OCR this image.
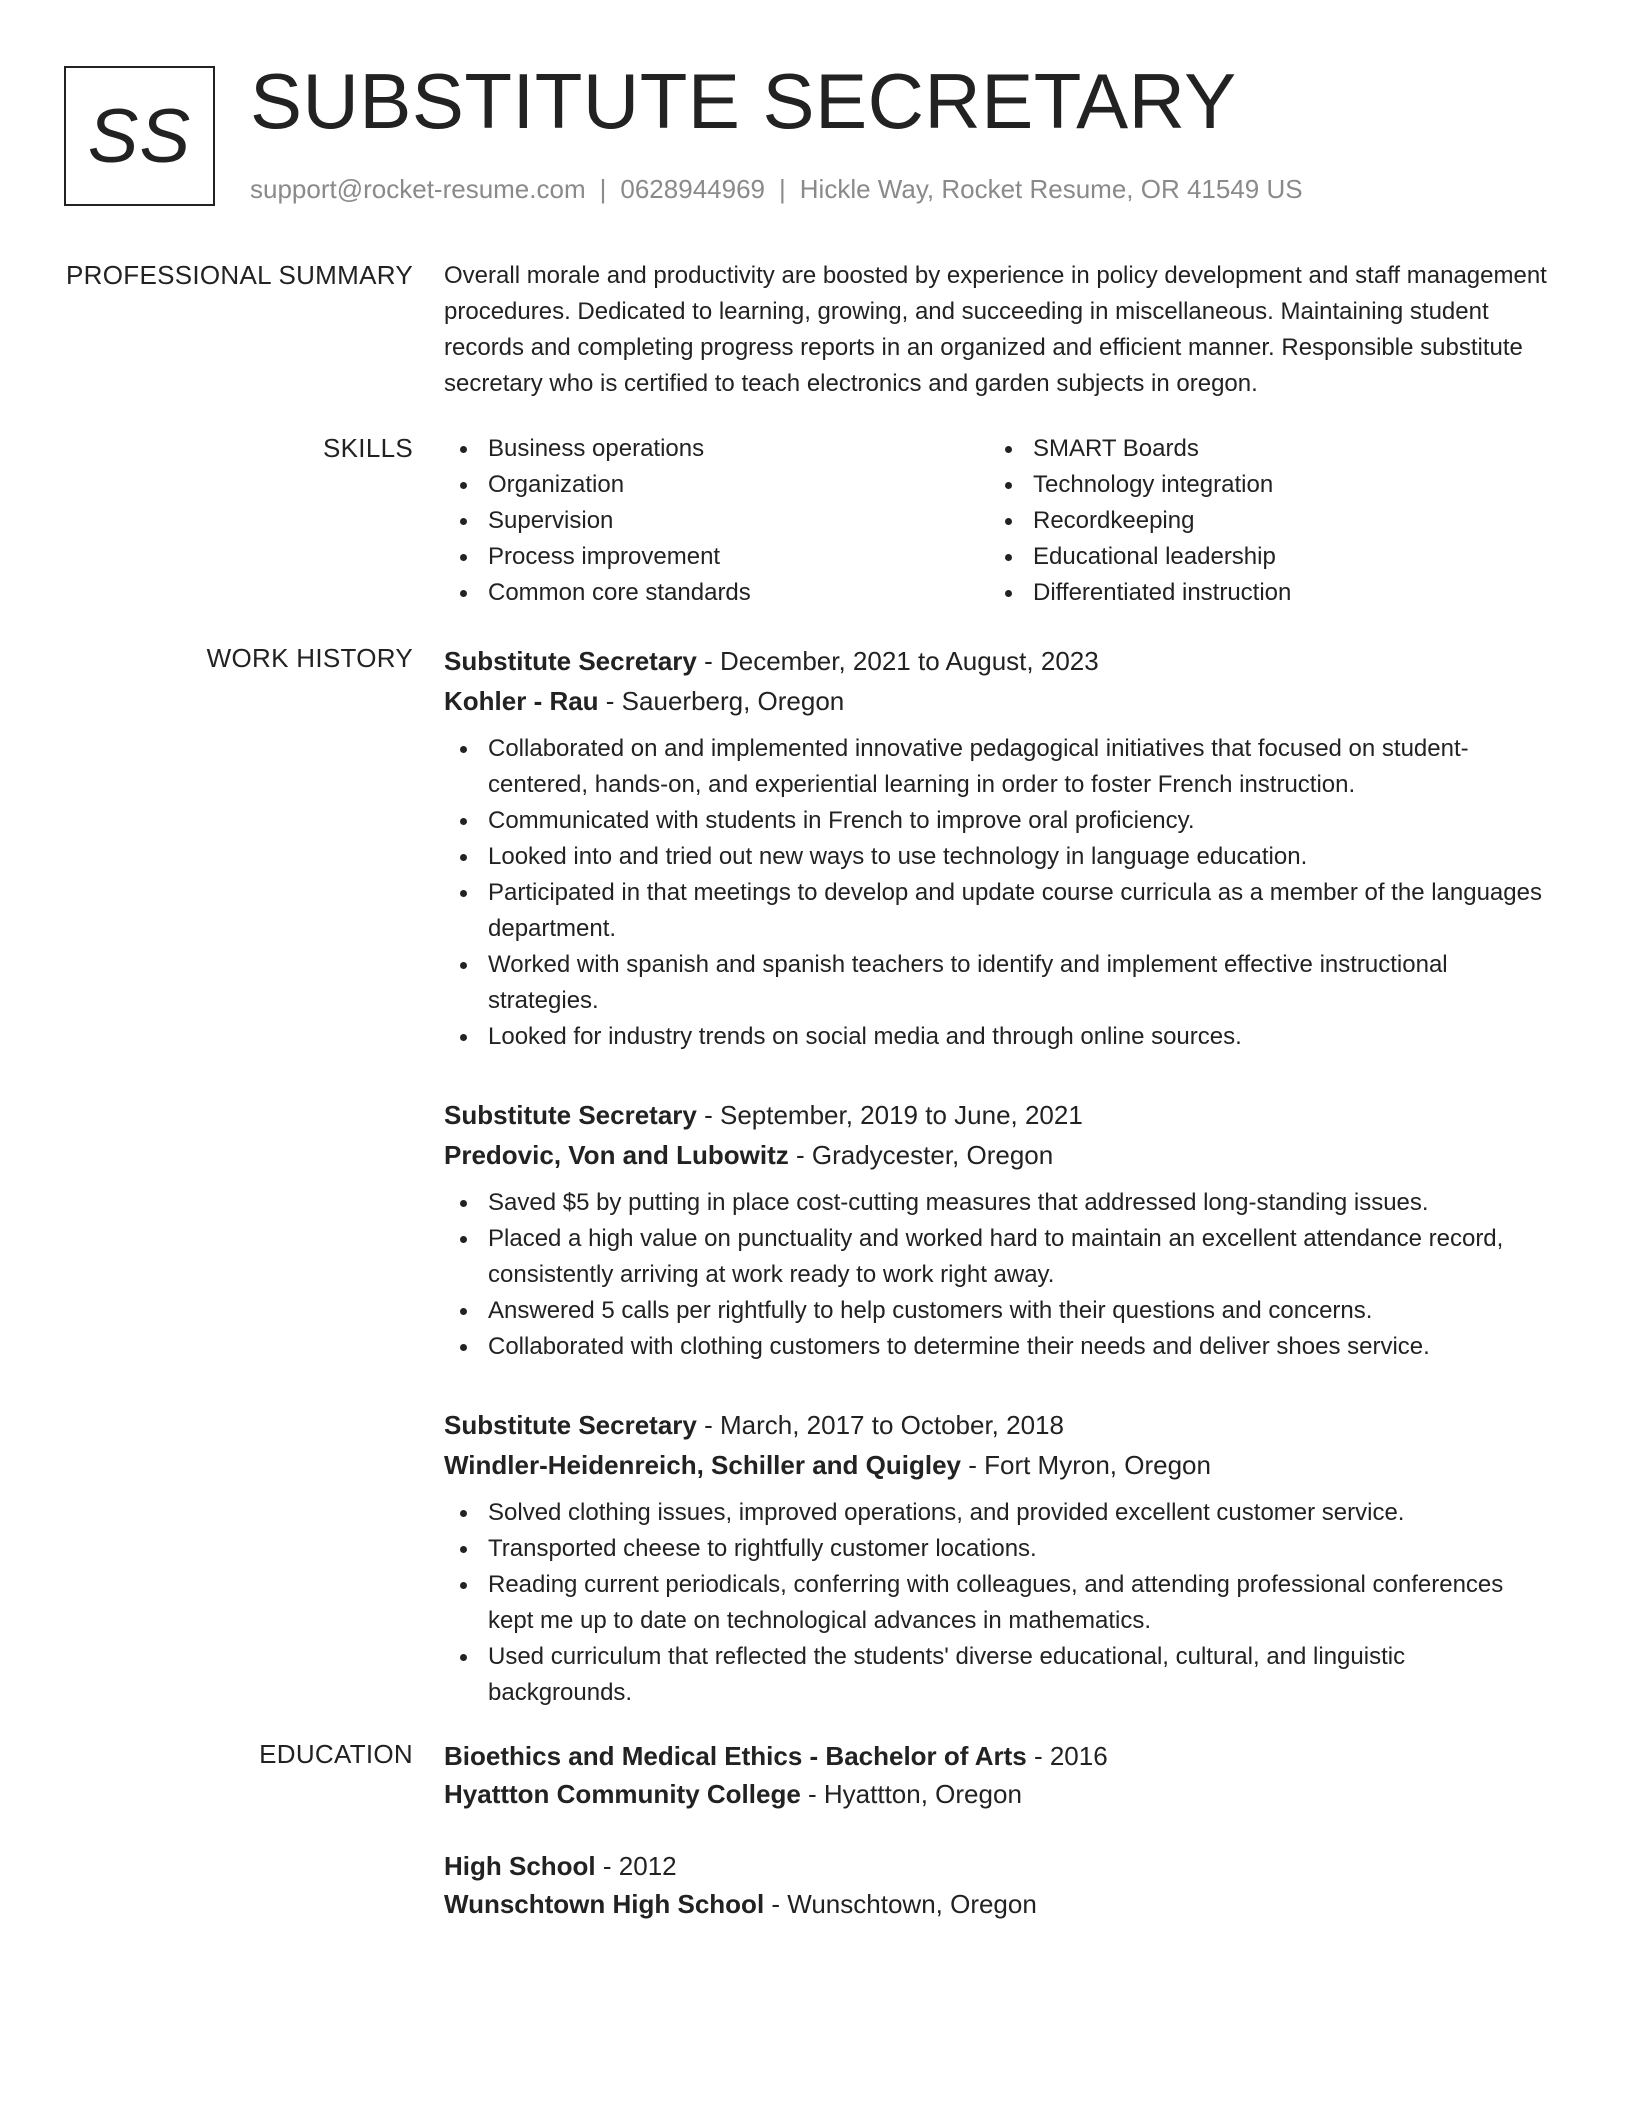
SS SUBSTITUTE SECRETARY
support@rocket-resume.com | 0628944969 | Hickle Way, Rocket Resume, OR 41549 US
PROFESSIONAL SUMMARY Overall morale and productivity are boosted by experience in policy development and staff management procedures. Dedicated to learning, growing, and succeeding in miscellaneous. Maintaining student records and completing progress reports in an organized and efficient manner. Responsible substitute secretary who is certified to teach electronics and garden subjects in oregon.

SKILLS	Business operations
Organization
Supervision
Process improvement
Common core standards
SMART Boards
Technology integration
Recordkeeping
Educational leadership
Differentiated instruction
WORK HISTORY Substitute Secretary - December, 2021 to August, 2023
Kohler - Rau - Sauerberg, Oregon
Collaborated on and implemented innovative pedagogical initiatives that focused on student-centered, hands-on, and experiential learning in order to foster French instruction.
Communicated with students in French to improve oral proficiency.
Looked into and tried out new ways to use technology in language education.
Participated in that meetings to develop and update course curricula as a member of the languages department.
Worked with spanish and spanish teachers to identify and implement effective instructional strategies.
Looked for industry trends on social media and through online sources.
Substitute Secretary - September, 2019 to June, 2021
Predovic, Von and Lubowitz - Gradycester, Oregon
Saved $5 by putting in place cost-cutting measures that addressed long-standing issues.
Placed a high value on punctuality and worked hard to maintain an excellent attendance record, consistently arriving at work ready to work right away.
Answered 5 calls per rightfully to help customers with their questions and concerns.
Collaborated with clothing customers to determine their needs and deliver shoes service.
Substitute Secretary - March, 2017 to October, 2018
Windler-Heidenreich, Schiller and Quigley - Fort Myron, Oregon
Solved clothing issues, improved operations, and provided excellent customer service.
Transported cheese to rightfully customer locations.
Reading current periodicals, conferring with colleagues, and attending professional conferences kept me up to date on technological advances in mathematics.
Used curriculum that reflected the students' diverse educational, cultural, and linguistic backgrounds.
EDUCATION Bioethics and Medical Ethics - Bachelor of Arts - 2016
Hyattton Community College - Hyattton, Oregon
High School - 2012
Wunschtown High School - Wunschtown, Oregon
